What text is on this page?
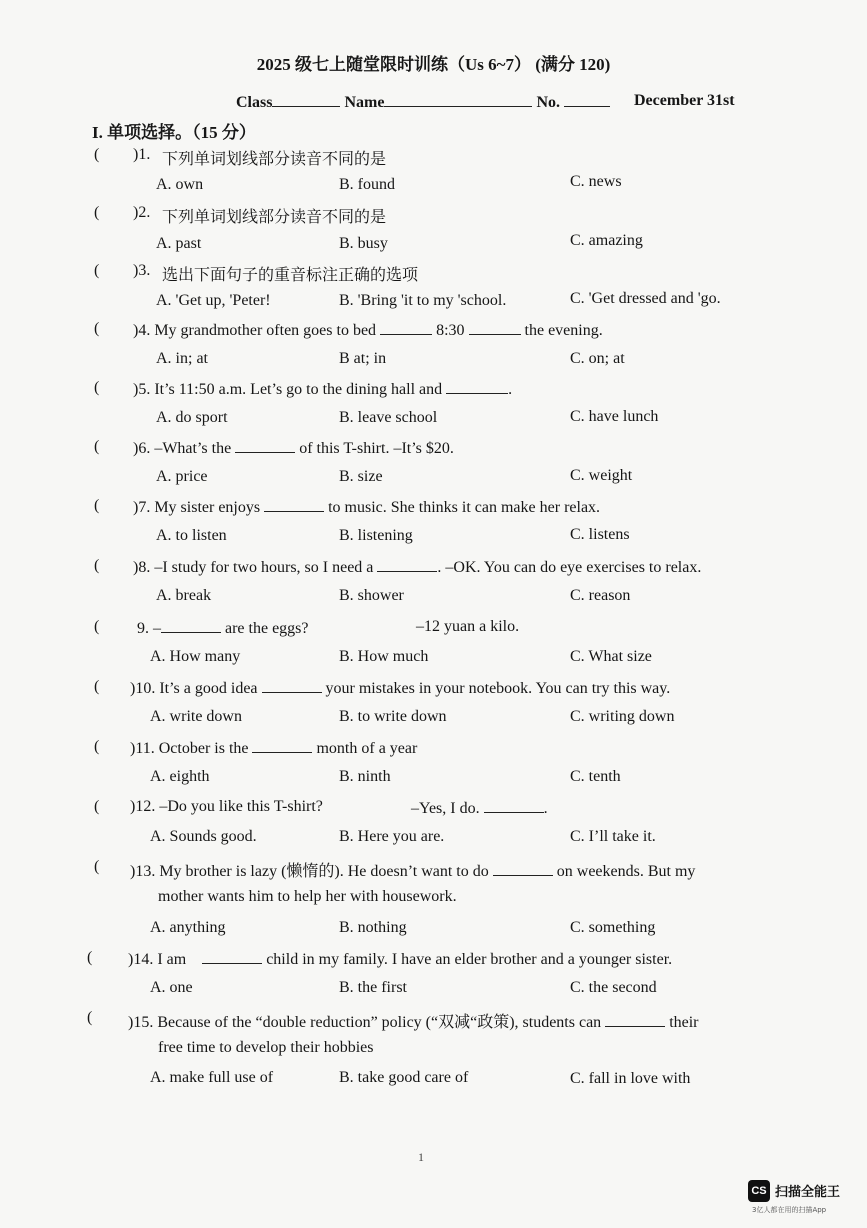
2025 级七上随堂限时训练（Us 6~7） (满分 120)
Class	Name	No.	December 31st
I. 单项选择。（15 分）
( )1. 下列单词划线部分读音不同的是
A. own	B. found	C. news
( )2. 下列单词划线部分读音不同的是
A. past	B. busy	C. amazing
( )3. 选出下面句子的重音标注正确的选项
A. 'Get up, 'Peter!	B. 'Bring 'it to my 'school.	C. 'Get dressed and 'go.
( )4. My grandmother often goes to bed	8:30	the evening.
A. in; at	B at; in	C. on; at
( )5. It’s 11:50 a.m. Let’s go to the dining hall and	.
A. do sport	B. leave school	C. have lunch
( )6. –What’s the	of this T-shirt. –It’s $20.
A. price	B. size	C. weight
( )7. My sister enjoys	to music. She thinks it can make her relax.
A. to listen	B. listening	C. listens
( )8. –I study for two hours, so I need a	. –OK. You can do eye exercises to relax.
A. break	B. shower	C. reason
( 9. –	are the eggs?	–12 yuan a kilo.
A. How many	B. How much	C. What size
( )10. It’s a good idea	your mistakes in your notebook. You can try this way.
A. write down	B. to write down	C. writing down
( )11. October is the	month of a year
A. eighth	B. ninth	C. tenth
( )12. –Do you like this T-shirt?	–Yes, I do.	.
A. Sounds good.	B. Here you are.	C. I’ll take it.
( )13. My brother is lazy (懒惰的). He doesn’t want to do	on weekends. But my
mother wants him to help her with housework.
A. anything	B. nothing	C. something
( )14. I am	child in my family. I have an elder brother and a younger sister.
A. one	B. the first	C. the second
( )15. Because of the “double reduction” policy (“双减“政策), students can	their
free time to develop their hobbies
A. make full use of	B. take good care of	C. fall in love with
1
CS 扫描全能王
3亿人都在用的扫描App
